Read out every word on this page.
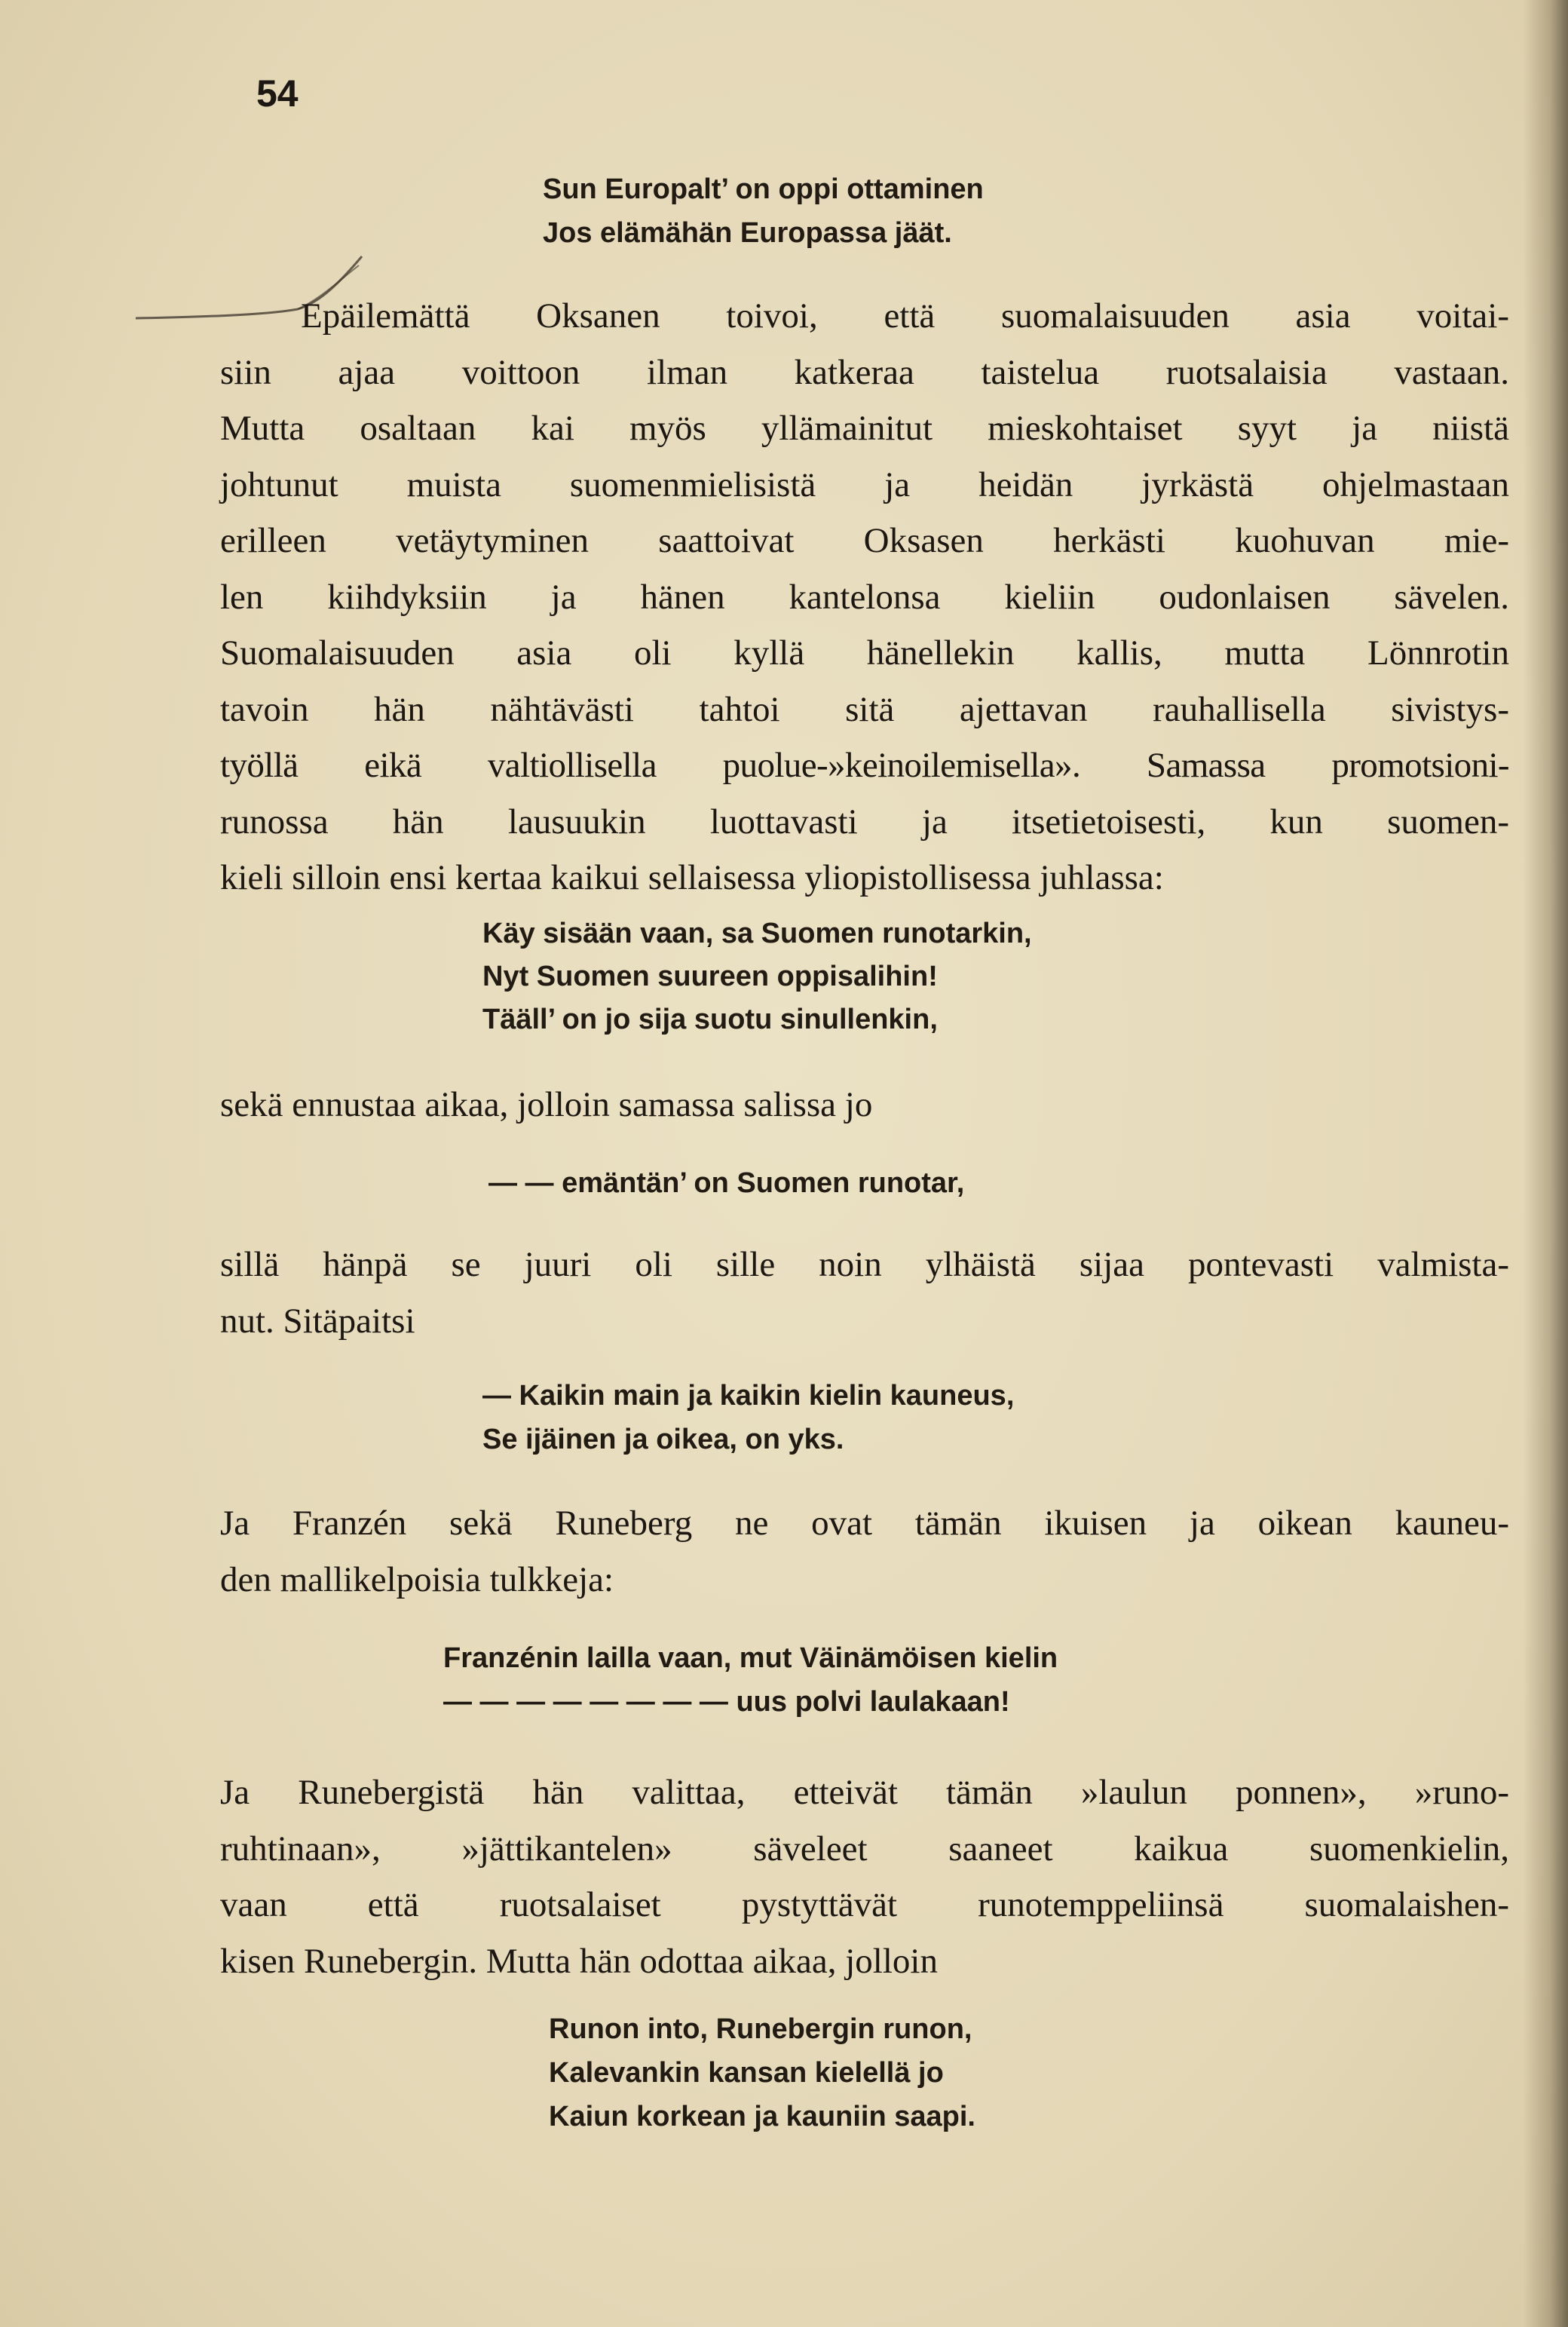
54
Sun Europalt’ on oppi ottaminen
Jos elämähän Europassa jäät.
Epäilemättä Oksanen toivoi, että suomalaisuuden asia voitai-
siin ajaa voittoon ilman katkeraa taistelua ruotsalaisia vastaan.
Mutta osaltaan kai myös yllämainitut mieskohtaiset syyt ja niistä
johtunut muista suomenmielisistä ja heidän jyrkästä ohjelmastaan
erilleen vetäytyminen saattoivat Oksasen herkästi kuohuvan mie-
len kiihdyksiin ja hänen kantelonsa kieliin oudonlaisen sävelen.
Suomalaisuuden asia oli kyllä hänellekin kallis, mutta Lönnrotin
tavoin hän nähtävästi tahtoi sitä ajettavan rauhallisella sivistys-
työllä eikä valtiollisella puolue-»keinoilemisella». Samassa promotsioni-
runossa hän lausuukin luottavasti ja itsetietoisesti, kun suomen-
kieli silloin ensi kertaa kaikui sellaisessa yliopistollisessa juhlassa:
Käy sisään vaan, sa Suomen runotarkin,
Nyt Suomen suureen oppisalihin!
Tääll’ on jo sija suotu sinullenkin,
sekä ennustaa aikaa, jolloin samassa salissa jo
— — emäntän’ on Suomen runotar,
sillä hänpä se juuri oli sille noin ylhäistä sijaa pontevasti valmista-
nut. Sitäpaitsi
— Kaikin main ja kaikin kielin kauneus,
Se ijäinen ja oikea, on yks.
Ja Franzén sekä Runeberg ne ovat tämän ikuisen ja oikean kauneu-
den mallikelpoisia tulkkeja:
Franzénin lailla vaan, mut Väinämöisen kielin
— — — — — — — — uus polvi laulakaan!
Ja Runebergistä hän valittaa, etteivät tämän »laulun ponnen», »runo-
ruhtinaan», »jättikantelen» säveleet saaneet kaikua suomenkielin,
vaan että ruotsalaiset pystyttävät runotemppeliinsä suomalaishen-
kisen Runebergin. Mutta hän odottaa aikaa, jolloin
Runon into, Runebergin runon,
Kalevankin kansan kielellä jo
Kaiun korkean ja kauniin saapi.
